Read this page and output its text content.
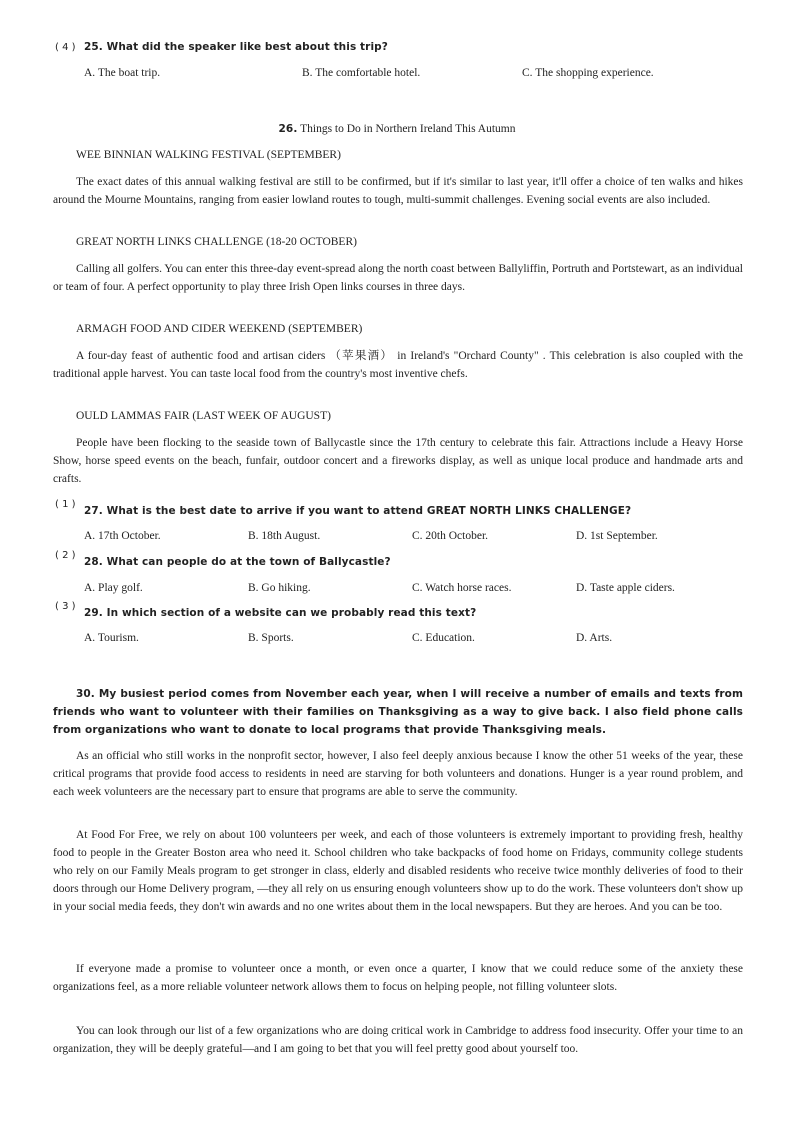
( 4 ) 25. What did the speaker like best about this trip?
A. The boat trip.	B. The comfortable hotel.	C. The shopping experience.
26. Things to Do in Northern Ireland This Autumn
WEE BINNIAN WALKING FESTIVAL (SEPTEMBER)

The exact dates of this annual walking festival are still to be confirmed, but if it's similar to last year, it'll offer a choice of ten walks and hikes around the Mourne Mountains, ranging from easier lowland routes to tough, multi-summit challenges. Evening social events are also included.

GREAT NORTH LINKS CHALLENGE (18-20 OCTOBER)

Calling all golfers. You can enter this three-day event-spread along the north coast between Ballyliffin, Portruth and Portstewart, as an individual or team of four. A perfect opportunity to play three Irish Open links courses in three days.

ARMAGH FOOD AND CIDER WEEKEND (SEPTEMBER)

A four-day feast of authentic food and artisan ciders （苹果酒） in Ireland's "Orchard County" . This celebration is also coupled with the traditional apple harvest. You can taste local food from the country's most inventive chefs.

OULD LAMMAS FAIR (LAST WEEK OF AUGUST)

People have been flocking to the seaside town of Ballycastle since the 17th century to celebrate this fair. Attractions include a Heavy Horse Show, horse speed events on the beach, funfair, outdoor concert and a fireworks display, as well as unique local produce and handmade arts and crafts.

( 1 )
27. What is the best date to arrive if you want to attend GREAT NORTH LINKS CHALLENGE?
A. 17th October.	B. 18th August.	C. 20th October.	D. 1st September.
( 2 )
28. What can people do at the town of Ballycastle?
A. Play golf.	B. Go hiking.	C. Watch horse races.	D. Taste apple ciders.
( 3 )
29. In which section of a website can we probably read this text?
A. Tourism.	B. Sports.	C. Education.	D. Arts.

30. My busiest period comes from November each year, when I will receive a number of emails and texts from friends who want to volunteer with their families on Thanksgiving as a way to give back. I also field phone calls from organizations who want to donate to local programs that provide Thanksgiving meals.

As an official who still works in the nonprofit sector, however, I also feel deeply anxious because I know the other 51 weeks of the year, these critical programs that provide food access to residents in need are starving for both volunteers and donations. Hunger is a year round problem, and each week volunteers are the necessary part to ensure that programs are able to serve the community.

At Food For Free, we rely on about 100 volunteers per week, and each of those volunteers is extremely important to providing fresh, healthy food to people in the Greater Boston area who need it. School children who take backpacks of food home on Fridays, community college students who rely on our Family Meals program to get stronger in class, elderly and disabled residents who receive twice monthly deliveries of food to their doors through our Home Delivery program, —they all rely on us ensuring enough volunteers show up to do the work. These volunteers don't show up in your social media feeds, they don't win awards and no one writes about them in the local newspapers. But they are heroes. And you can be too.

If everyone made a promise to volunteer once a month, or even once a quarter, I know that we could reduce some of the anxiety these organizations feel, as a more reliable volunteer network allows them to focus on helping people, not filling volunteer slots.

You can look through our list of a few organizations who are doing critical work in Cambridge to address food insecurity. Offer your time to an organization, they will be deeply grateful—and I am going to bet that you will feel pretty good about yourself too.
